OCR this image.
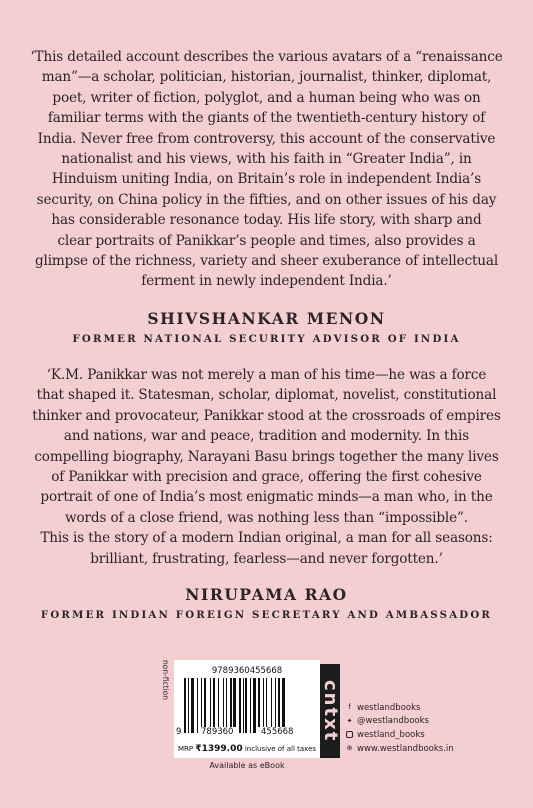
‘This detailed account describes the various avatars of a “renaissance
man”—a scholar, politician, historian, journalist, thinker, diplomat,
poet, writer of fiction, polyglot, and a human being who was on
familiar terms with the giants of the twentieth-century history of
India. Never free from controversy, this account of the conservative
nationalist and his views, with his faith in “Greater India”, in
Hinduism uniting India, on Britain’s role in independent India’s
security, on China policy in the fifties, and on other issues of his day
has considerable resonance today. His life story, with sharp and
clear portraits of Panikkar’s people and times, also provides a
glimpse of the richness, variety and sheer exuberance of intellectual
ferment in newly independent India.’
SHIVSHANKAR MENON
FORMER NATIONAL SECURITY ADVISOR OF INDIA
‘K.M. Panikkar was not merely a man of his time—he was a force
that shaped it. Statesman, scholar, diplomat, novelist, constitutional
thinker and provocateur, Panikkar stood at the crossroads of empires
and nations, war and peace, tradition and modernity. In this
compelling biography, Narayani Basu brings together the many lives
of Panikkar with precision and grace, offering the first cohesive
portrait of one of India’s most enigmatic minds—a man who, in the
words of a close friend, was nothing less than “impossible”.
This is the story of a modern Indian original, a man for all seasons:
brilliant, frustrating, fearless—and never forgotten.’
NIRUPAMA RAO
FORMER INDIAN FOREIGN SECRETARY AND AMBASSADOR
non-fiction	9789360455668
9	789360	455668
MRP ₹1399.00 inclusive of all taxes
cntxt
Available as eBook
f westlandbooks
✦ @westlandbooks
westland_books
⊕ www.westlandbooks.in
